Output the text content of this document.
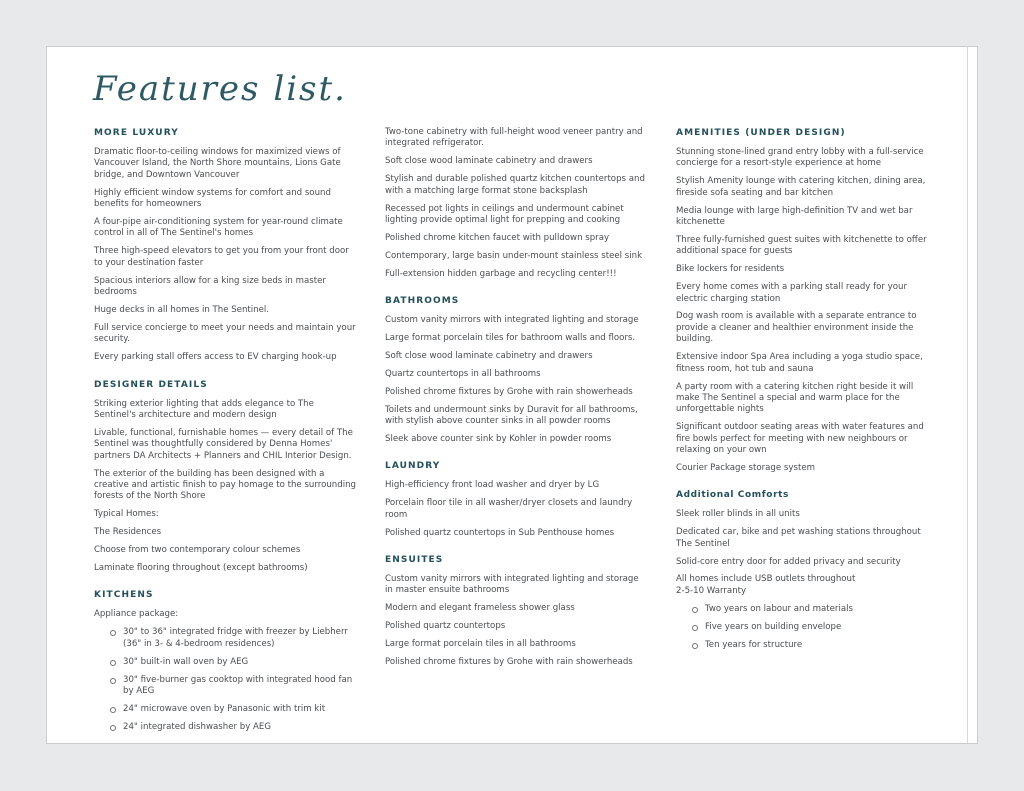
Features list.
MORE LUXURY

Dramatic floor-to-ceiling windows for maximized views of Vancouver Island, the North Shore mountains, Lions Gate bridge, and Downtown Vancouver

Highly efficient window systems for comfort and sound benefits for homeowners

A four-pipe air-conditioning system for year-round climate control in all of The Sentinel's homes

Three high-speed elevators to get you from your front door to your destination faster

Spacious interiors allow for a king size beds in master bedrooms

Huge decks in all homes in The Sentinel.

Full service concierge to meet your needs and maintain your security.

Every parking stall offers access to EV charging hook-up

DESIGNER DETAILS

Striking exterior lighting that adds elegance to The Sentinel's architecture and modern design

Livable, functional, furnishable homes — every detail of The Sentinel was thoughtfully considered by Denna Homes' partners DA Architects + Planners and CHIL Interior Design.

The exterior of the building has been designed with a creative and artistic finish to pay homage to the surrounding forests of the North Shore

Typical Homes:

The Residences

Choose from two contemporary colour schemes

Laminate flooring throughout (except bathrooms)

KITCHENS

Appliance package:

30" to 36" integrated fridge with freezer by Liebherr (36" in 3- & 4-bedroom residences)
30" built-in wall oven by AEG
30" five-burner gas cooktop with integrated hood fan by AEG
24" microwave oven by Panasonic with trim kit
24" integrated dishwasher by AEG

Two-tone cabinetry with full-height wood veneer pantry and integrated refrigerator.

Soft close wood laminate cabinetry and drawers

Stylish and durable polished quartz kitchen countertops and with a matching large format stone backsplash

Recessed pot lights in ceilings and undermount cabinet lighting provide optimal light for prepping and cooking

Polished chrome kitchen faucet with pulldown spray

Contemporary, large basin under-mount stainless steel sink

Full-extension hidden garbage and recycling center!!!

BATHROOMS

Custom vanity mirrors with integrated lighting and storage

Large format porcelain tiles for bathroom walls and floors.

Soft close wood laminate cabinetry and drawers

Quartz countertops in all bathrooms

Polished chrome fixtures by Grohe with rain showerheads

Toilets and undermount sinks by Duravit for all bathrooms, with stylish above counter sinks in all powder rooms

Sleek above counter sink by Kohler in powder rooms

LAUNDRY

High-efficiency front load washer and dryer by LG

Porcelain floor tile in all washer/dryer closets and laundry room

Polished quartz countertops in Sub Penthouse homes

ENSUITES

Custom vanity mirrors with integrated lighting and storage in master ensuite bathrooms

Modern and elegant frameless shower glass

Polished quartz countertops

Large format porcelain tiles in all bathrooms

Polished chrome fixtures by Grohe with rain showerheads

AMENITIES (UNDER DESIGN)

Stunning stone-lined grand entry lobby with a full-service concierge for a resort-style experience at home

Stylish Amenity lounge with catering kitchen, dining area, fireside sofa seating and bar kitchen

Media lounge with large high-definition TV and wet bar kitchenette

Three fully-furnished guest suites with kitchenette to offer additional space for guests

Bike lockers for residents

Every home comes with a parking stall ready for your electric charging station

Dog wash room is available with a separate entrance to provide a cleaner and healthier environment inside the building.

Extensive indoor Spa Area including a yoga studio space, fitness room, hot tub and sauna

A party room with a catering kitchen right beside it will make The Sentinel a special and warm place for the unforgettable nights

Significant outdoor seating areas with water features and fire bowls perfect for meeting with new neighbours or relaxing on your own

Courier Package storage system

Additional Comforts

Sleek roller blinds in all units

Dedicated car, bike and pet washing stations throughout The Sentinel

Solid-core entry door for added privacy and security

All homes include USB outlets throughout

2-5-10 Warranty

Two years on labour and materials
Five years on building envelope
Ten years for structure
